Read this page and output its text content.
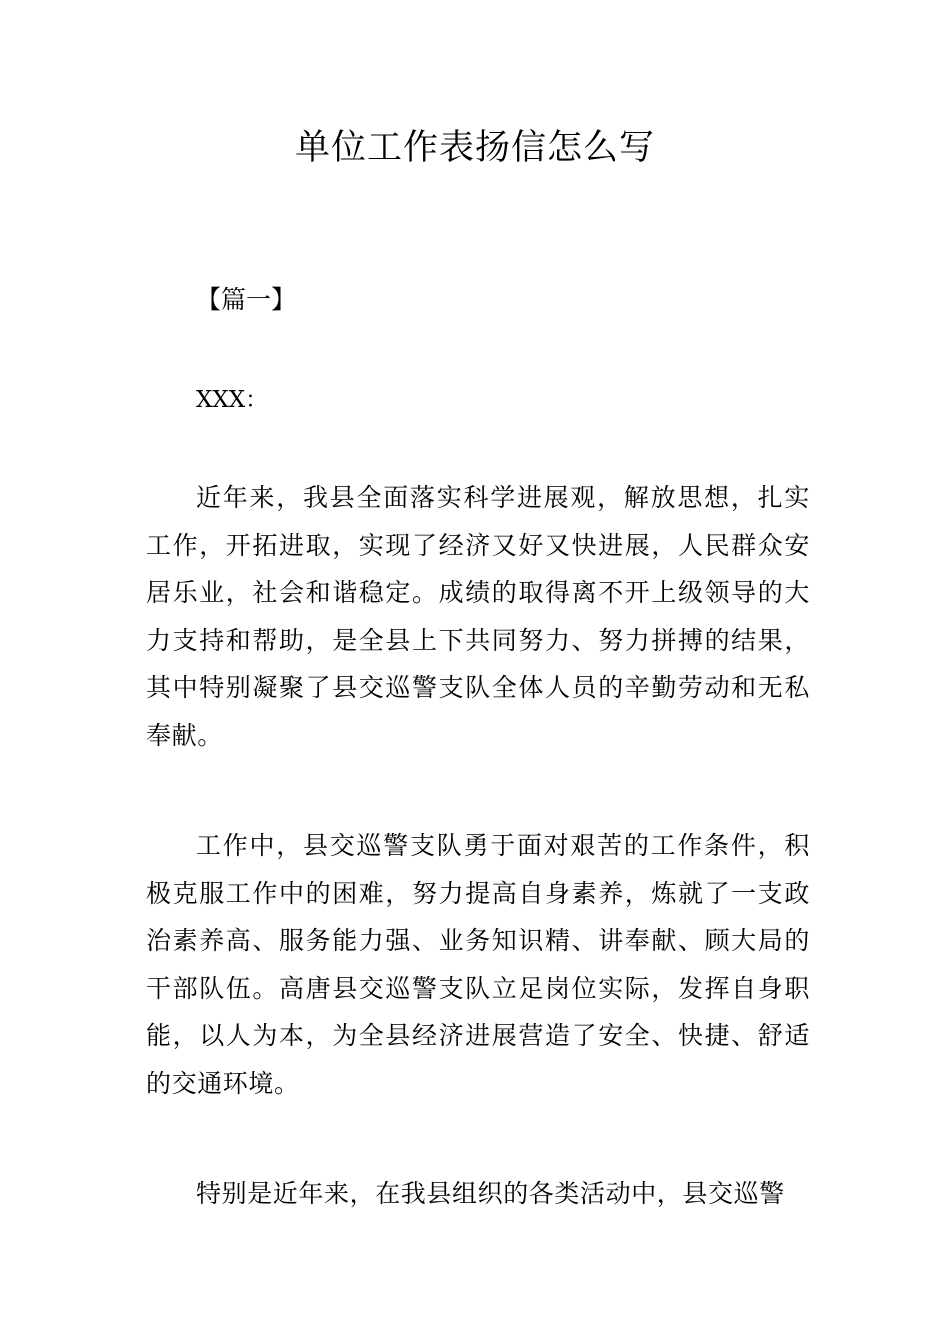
单位工作表扬信怎么写

【篇一】

XXX：

近年来，我县全面落实科学进展观，解放思想，扎实工作，开拓进取，实现了经济又好又快进展，人民群众安居乐业，社会和谐稳定。成绩的取得离不开上级领导的大力支持和帮助，是全县上下共同努力、努力拼搏的结果，其中特别凝聚了县交巡警支队全体人员的辛勤劳动和无私奉献。

工作中，县交巡警支队勇于面对艰苦的工作条件，积极克服工作中的困难，努力提高自身素养，炼就了一支政治素养高、服务能力强、业务知识精、讲奉献、顾大局的干部队伍。高唐县交巡警支队立足岗位实际，发挥自身职能，以人为本，为全县经济进展营造了安全、快捷、舒适的交通环境。

特别是近年来，在我县组织的各类活动中，县交巡警
